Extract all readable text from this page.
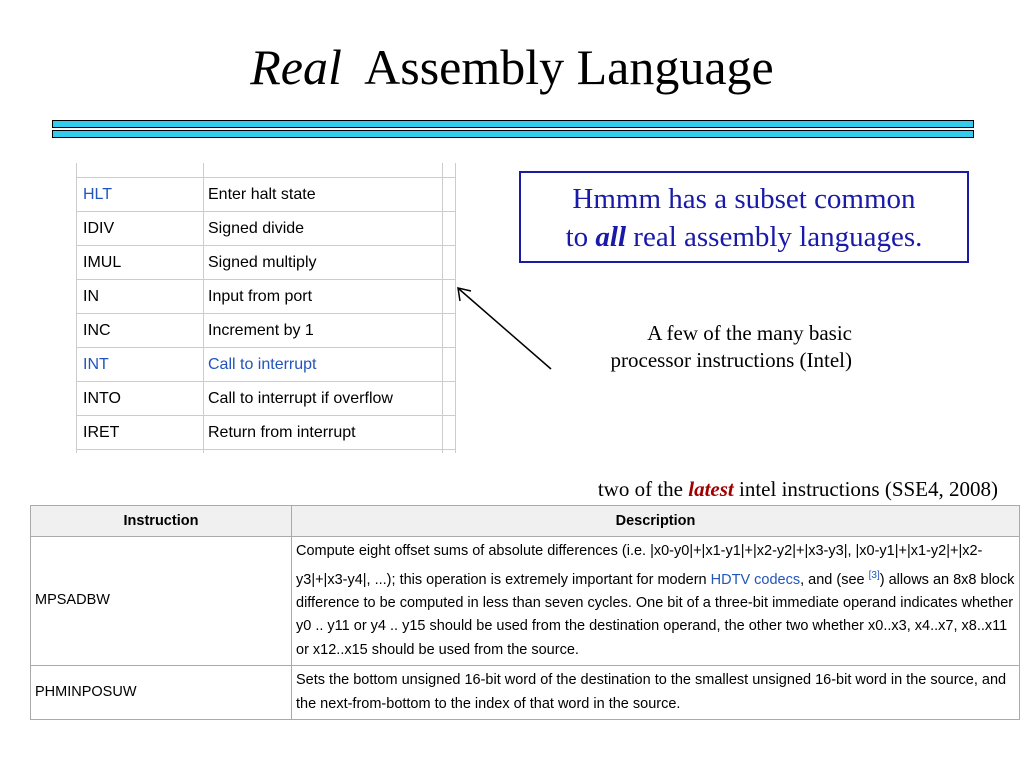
Real Assembly Language
HLT	Enter halt state
IDIV	Signed divide
IMUL	Signed multiply
IN	Input from port
INC	Increment by 1
INT	Call to interrupt
INTO	Call to interrupt if overflow
IRET	Return from interrupt
Hmmm has a subset common
to all real assembly languages.
A few of the many basic
processor instructions (Intel)
two of the latest intel instructions (SSE4, 2008)
Instruction	Description
MPSADBW	Compute eight offset sums of absolute differences (i.e. |x0-y0|+|x1-y1|+|x2-y2|+|x3-y3|, |x0-y1|+|x1-y2|+|x2-y3|+|x3-y4|, ...); this operation is extremely important for modern HDTV codecs, and (see [3]) allows an 8x8 block difference to be computed in less than seven cycles. One bit of a three-bit immediate operand indicates whether y0 .. y11 or y4 .. y15 should be used from the destination operand, the other two whether x0..x3, x4..x7, x8..x11 or x12..x15 should be used from the source.
PHMINPOSUW	Sets the bottom unsigned 16-bit word of the destination to the smallest unsigned 16-bit word in the source, and the next-from-bottom to the index of that word in the source.
